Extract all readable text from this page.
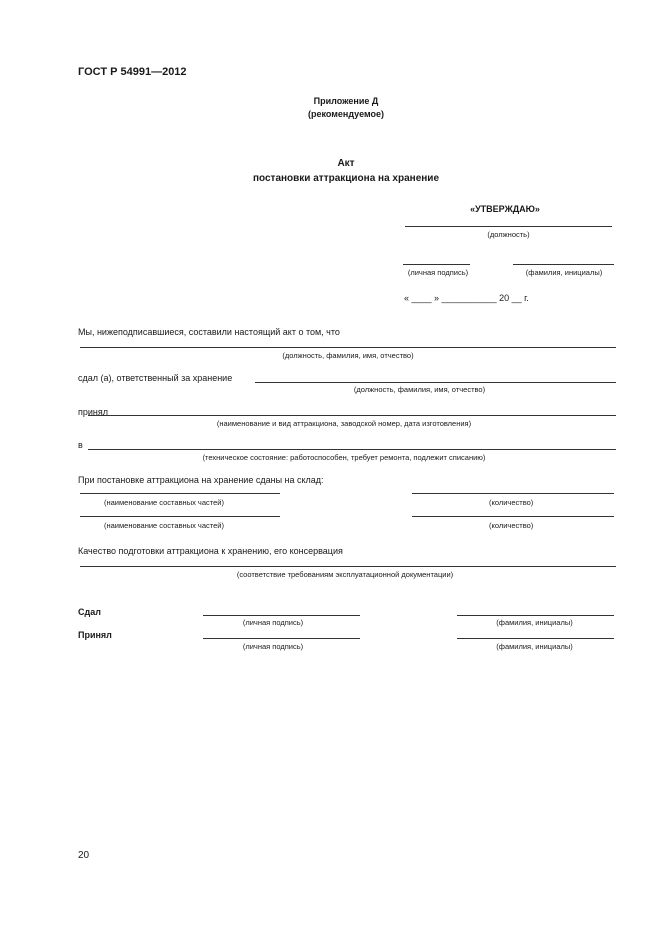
ГОСТ Р 54991—2012
Приложение Д
(рекомендуемое)
Акт
постановки аттракциона на хранение
«УТВЕРЖДАЮ»
(должность)
(личная подпись)	(фамилия, инициалы)
« ____ » ___________ 20 __ г.
Мы, нижеподписавшиеся, составили настоящий акт о том, что
(должность, фамилия, имя, отчество)
сдал (а), ответственный за хранение
(должность, фамилия, имя, отчество)
принял
(наименование и вид аттракциона, заводской номер, дата изготовления)
в
(техническое состояние: работоспособен, требует ремонта, подлежит списанию)
При постановке аттракциона на хранение сданы на склад:
(наименование составных частей)	(количество)
(наименование составных частей)	(количество)
Качество подготовки аттракциона к хранению, его консервация
(соответствие требованиям эксплуатационной документации)
Сдал
(личная подпись)	(фамилия, инициалы)
Принял
(личная подпись)	(фамилия, инициалы)
20
